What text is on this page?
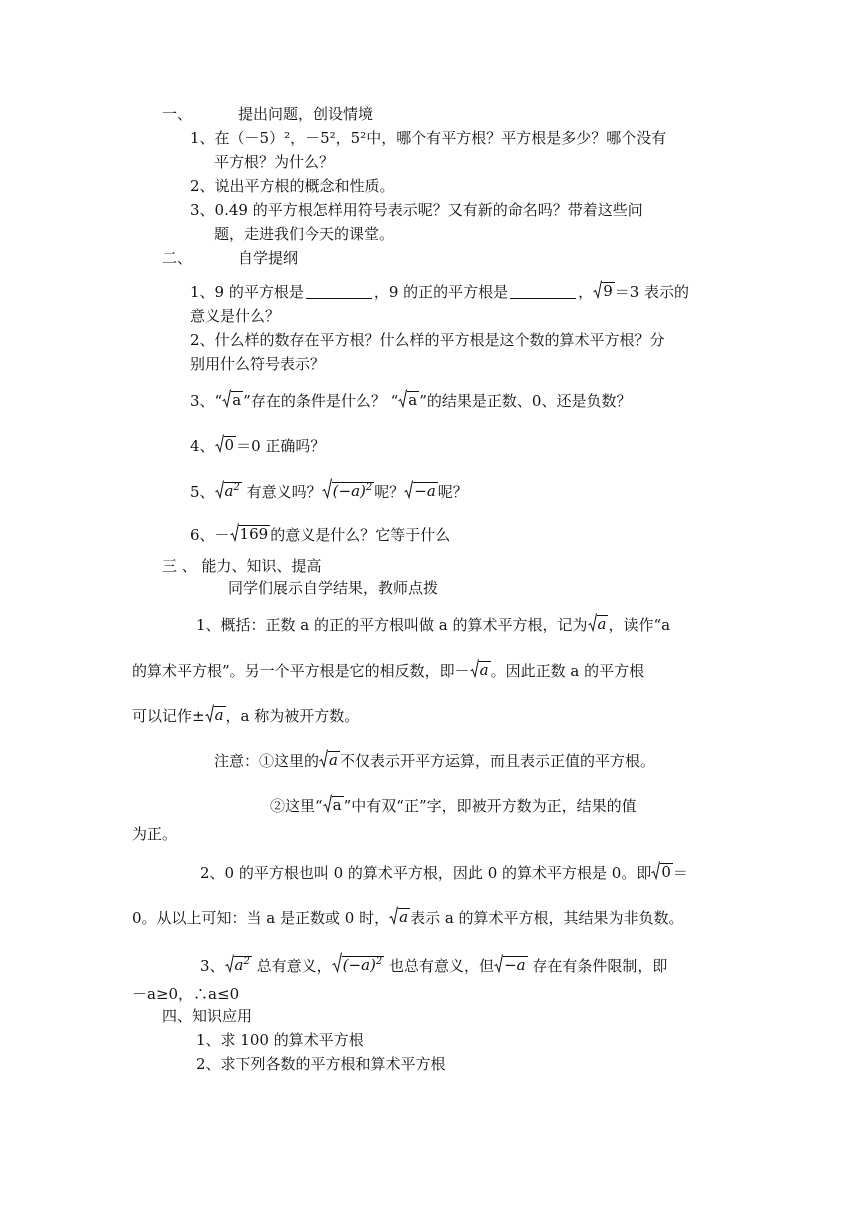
一、	提出问题，创设情境
1、在（－5）²，－5²，5²中，哪个有平方根？平方根是多少？哪个没有
平方根？为什么？
2、说出平方根的概念和性质。
3、0.49 的平方根怎样用符号表示呢？又有新的命名吗？带着这些问
题，走进我们今天的课堂。
二、	自学提纲
1、9 的平方根是	，9 的正的平方根是	， 9 ＝3 表示的
意义是什么？
2、什么样的数存在平方根？什么样的平方根是这个数的算术平方根？分
别用什么符号表示？
3、“ a ”存在的条件是什么？ “ a ”的结果是正数、0、还是负数？
4、 0 ＝0 正确吗？
5、 $a^2$ 有意义吗？ $(-a)^2$ 呢？ −a 呢？
6、－ 169 的意义是什么？它等于什么
三 、 能力、知识、提高
同学们展示自学结果，教师点拨
1、概括：正数 a 的正的平方根叫做 a 的算术平方根，记为 a ，读作“a
的算术平方根”。另一个平方根是它的相反数，即－ a 。因此正数 a 的平方根
可以记作± a ，a 称为被开方数。
注意：①这里的 a 不仅表示开平方运算，而且表示正值的平方根。
②这里“ a ”中有双“正”字，即被开方数为正，结果的值
为正。
2、0 的平方根也叫 0 的算术平方根，因此 0 的算术平方根是 0。即 0 ＝
0。从以上可知：当 a 是正数或 0 时， a 表示 a 的算术平方根，其结果为非负数。
3、 $a^2$ 总有意义， $(-a)^2$ 也总有意义，但 −a 存在有条件限制，即
－a≥0，∴a≤0
四、知识应用
1、求 100 的算术平方根
2、求下列各数的平方根和算术平方根
